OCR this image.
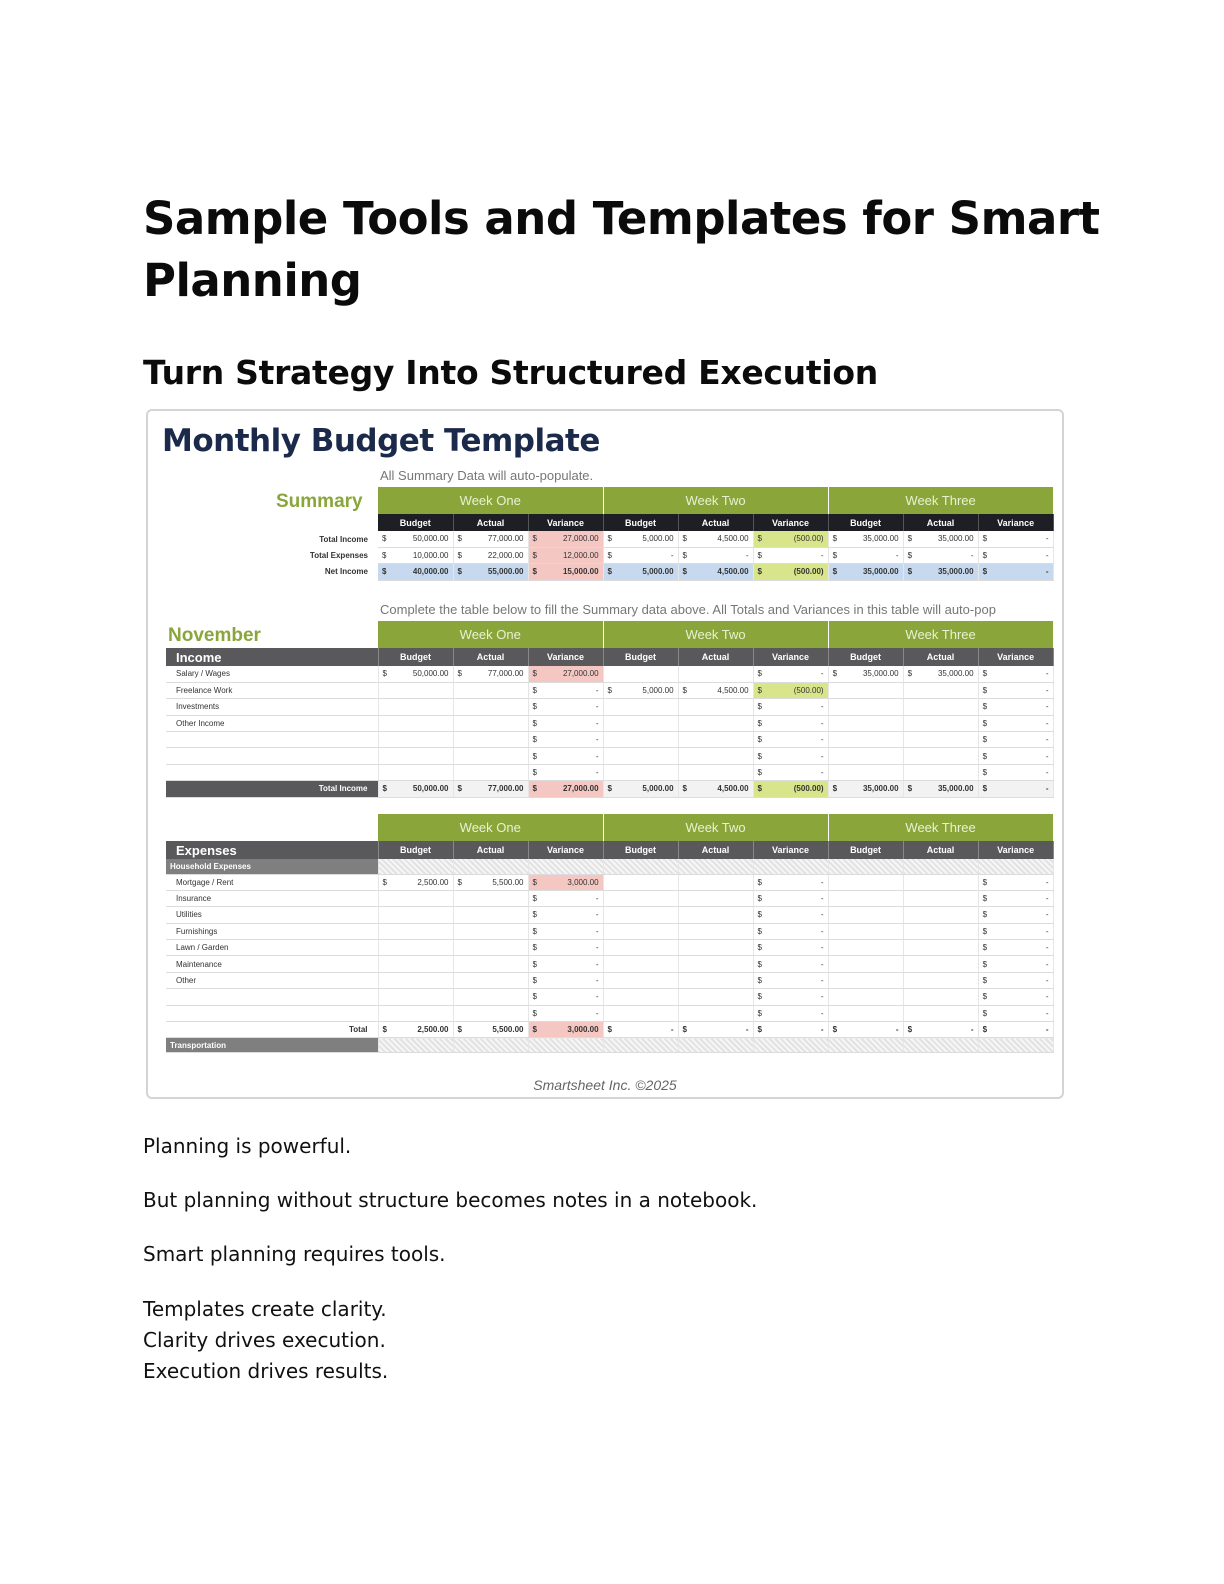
Sample Tools and Templates for Smart Planning
Turn Strategy Into Structured Execution
Monthly Budget Template
All Summary Data will auto-populate.
Summary
		Week One			Week Two			Week Three		
	Budget	Actual	Variance	Budget	Actual	Variance	Budget	Actual	Variance
Total Income	$ 50,000.00	$ 77,000.00	$ 27,000.00	$ 5,000.00	$ 4,500.00	$ (500.00)	$ 35,000.00	$ 35,000.00	$ -
Total Expenses	$ 10,000.00	$ 22,000.00	$ 12,000.00	$ -	$ -	$ -	$ -	$ -	$ -
Net Income	$ 40,000.00	$ 55,000.00	$ 15,000.00	$ 5,000.00	$ 4,500.00	$ (500.00)	$ 35,000.00	$ 35,000.00	$ -
Complete the table below to fill the Summary data above. All Totals and Variances in this table will auto-pop
November
		Week One			Week Two			Week Three		
Income	Budget	Actual	Variance	Budget	Actual	Variance	Budget	Actual	Variance
Salary / Wages	$ 50,000.00	$ 77,000.00	$ 27,000.00			$ -	$ 35,000.00	$ 35,000.00	$ -
Freelance Work			$ -	$ 5,000.00	$ 4,500.00	$ (500.00)			$ -
Investments			$ -			$ -			$ -
Other Income			$ -			$ -			$ -
			$ -			$ -			$ -
			$ -			$ -			$ -
			$ -			$ -			$ -
Total Income	$ 50,000.00	$ 77,000.00	$ 27,000.00	$ 5,000.00	$ 4,500.00	$ (500.00)	$ 35,000.00	$ 35,000.00	$ -
	Week One			Week Two			Week Three		
Expenses	Budget	Actual	Variance	Budget	Actual	Variance	Budget	Actual	Variance
Household Expenses									
Mortgage / Rent	$ 2,500.00	$ 5,500.00	$ 3,000.00			$ -			$ -
Insurance			$ -			$ -			$ -
Utilities			$ -			$ -			$ -
Furnishings			$ -			$ -			$ -
Lawn / Garden			$ -			$ -			$ -
Maintenance			$ -			$ -			$ -
Other			$ -			$ -			$ -
			$ -			$ -			$ -
			$ -			$ -			$ -
Total	$ 2,500.00	$ 5,500.00	$ 3,000.00	$ -	$ -	$ -	$ -	$ -	$ -
Transportation									
Smartsheet Inc. ©2025

Planning is powerful.

But planning without structure becomes notes in a notebook.

Smart planning requires tools.

Templates create clarity.

Clarity drives execution.

Execution drives results.
